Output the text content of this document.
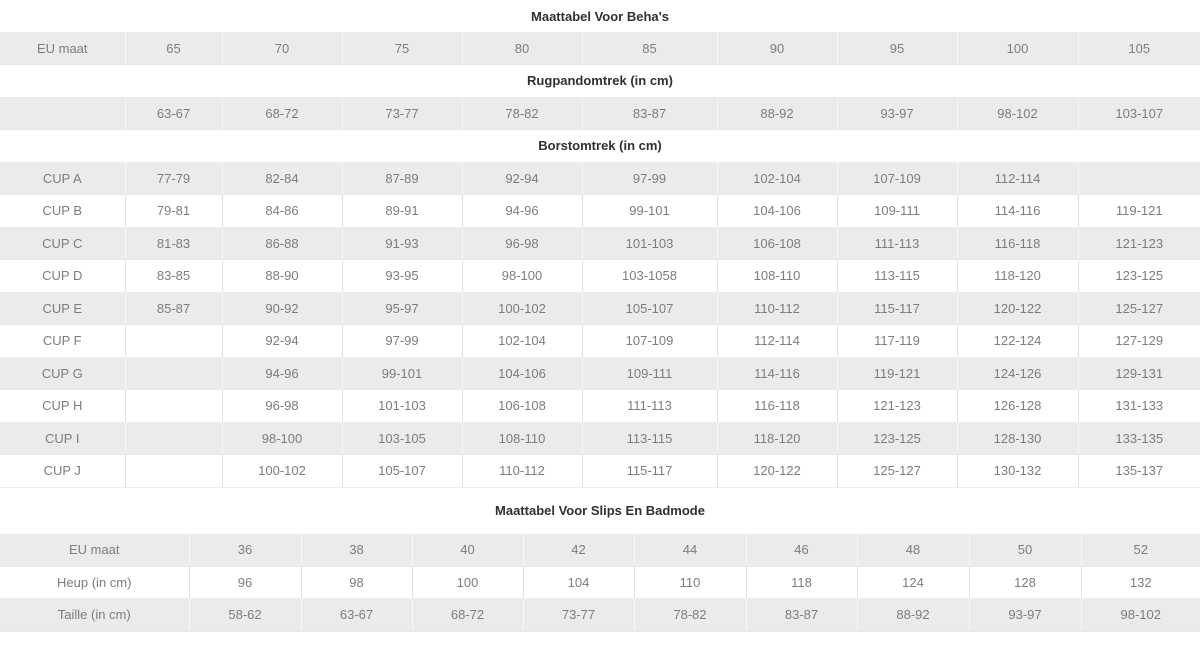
Maattabel Voor Beha's
EU maat	65	70	75	80	85	90	95	100	105
Rugpandomtrek (in cm)									
	63-67	68-72	73-77	78-82	83-87	88-92	93-97	98-102	103-107
Borstomtrek (in cm)									
CUP A	77-79	82-84	87-89	92-94	97-99	102-104	107-109	112-114	
CUP B	79-81	84-86	89-91	94-96	99-101	104-106	109-111	114-116	119-121
CUP C	81-83	86-88	91-93	96-98	101-103	106-108	111-113	116-118	121-123
CUP D	83-85	88-90	93-95	98-100	103-1058	108-110	113-115	118-120	123-125
CUP E	85-87	90-92	95-97	100-102	105-107	110-112	115-117	120-122	125-127
CUP F		92-94	97-99	102-104	107-109	112-114	117-119	122-124	127-129
CUP G		94-96	99-101	104-106	109-111	114-116	119-121	124-126	129-131
CUP H		96-98	101-103	106-108	111-113	116-118	121-123	126-128	131-133
CUP I		98-100	103-105	108-110	113-115	118-120	123-125	128-130	133-135
CUP J		100-102	105-107	110-112	115-117	120-122	125-127	130-132	135-137
Maattabel Voor Slips En Badmode
EU maat	36	38	40	42	44	46	48	50	52
Heup (in cm)	96	98	100	104	110	118	124	128	132
Taille (in cm)	58-62	63-67	68-72	73-77	78-82	83-87	88-92	93-97	98-102
